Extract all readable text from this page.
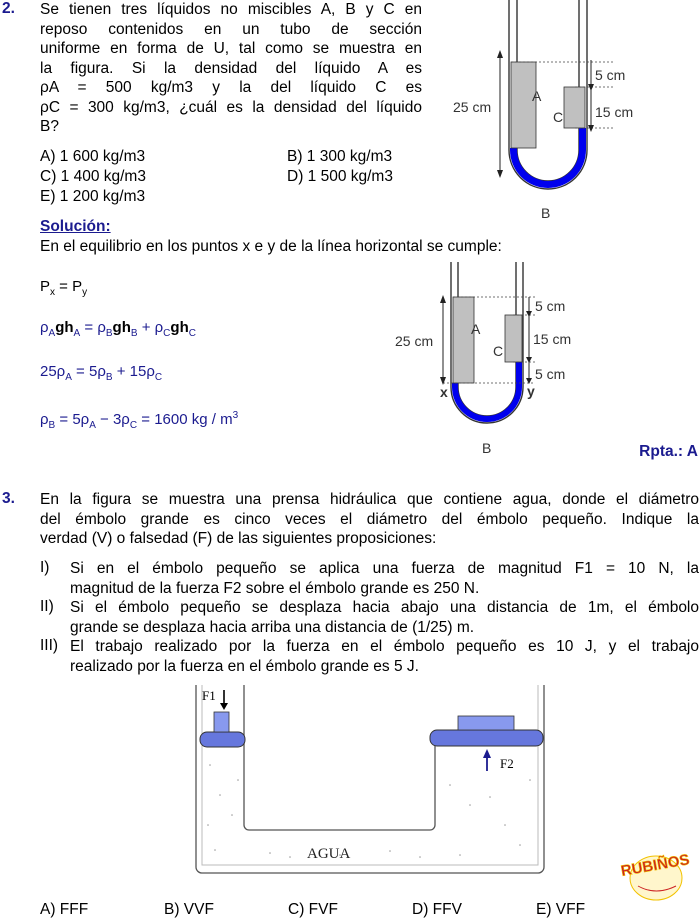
2. Se tienen tres líquidos no miscibles A, B y C en
reposo contenidos en un tubo de sección
uniforme en forma de U, tal como se muestra en
la figura. Si la densidad del líquido A es
ρA = 500 kg/m3 y la del líquido C es
ρC = 300 kg/m3, ¿cuál es la densidad del líquido
B?
A) 1 600 kg/m3	B) 1 300 kg/m3
C) 1 400 kg/m3	D) 1 500 kg/m3
E) 1 200 kg/m3
25 cm
5 cm
15 cm
A
C
B
Solución:
En el equilibrio en los puntos x e y de la línea horizontal se cumple:
$P_x = P_y$
$\rho_Agh_A = \rho_Bgh_B + \rho_Cgh_C$
$25\rho_A = 5\rho_B + 15\rho_C$
$\rho_B = 5\rho_A - 3\rho_C = 1600$ kg / $m^3$
25 cm
5 cm
15 cm
5 cm
A
C
x	y
B	Rpta.: A
3. En la figura se muestra una prensa hidráulica que contiene agua, donde el diámetro
del émbolo grande es cinco veces el diámetro del émbolo pequeño. Indique la
verdad (V) o falsedad (F) de las siguientes proposiciones:
I) Si en el émbolo pequeño se aplica una fuerza de magnitud F1 = 10 N, la
magnitud de la fuerza F2 sobre el émbolo grande es 250 N.
II) Si el émbolo pequeño se desplaza hacia abajo una distancia de 1m, el émbolo
grande se desplaza hacia arriba una distancia de (1/25) m.
III) El trabajo realizado por la fuerza en el émbolo pequeño es 10 J, y el trabajo
realizado por la fuerza en el émbolo grande es 5 J.
F1
F2
AGUA	RUBIÑOS
A) FFF	B) VVF	C) FVF	D) FFV	E) VFF
